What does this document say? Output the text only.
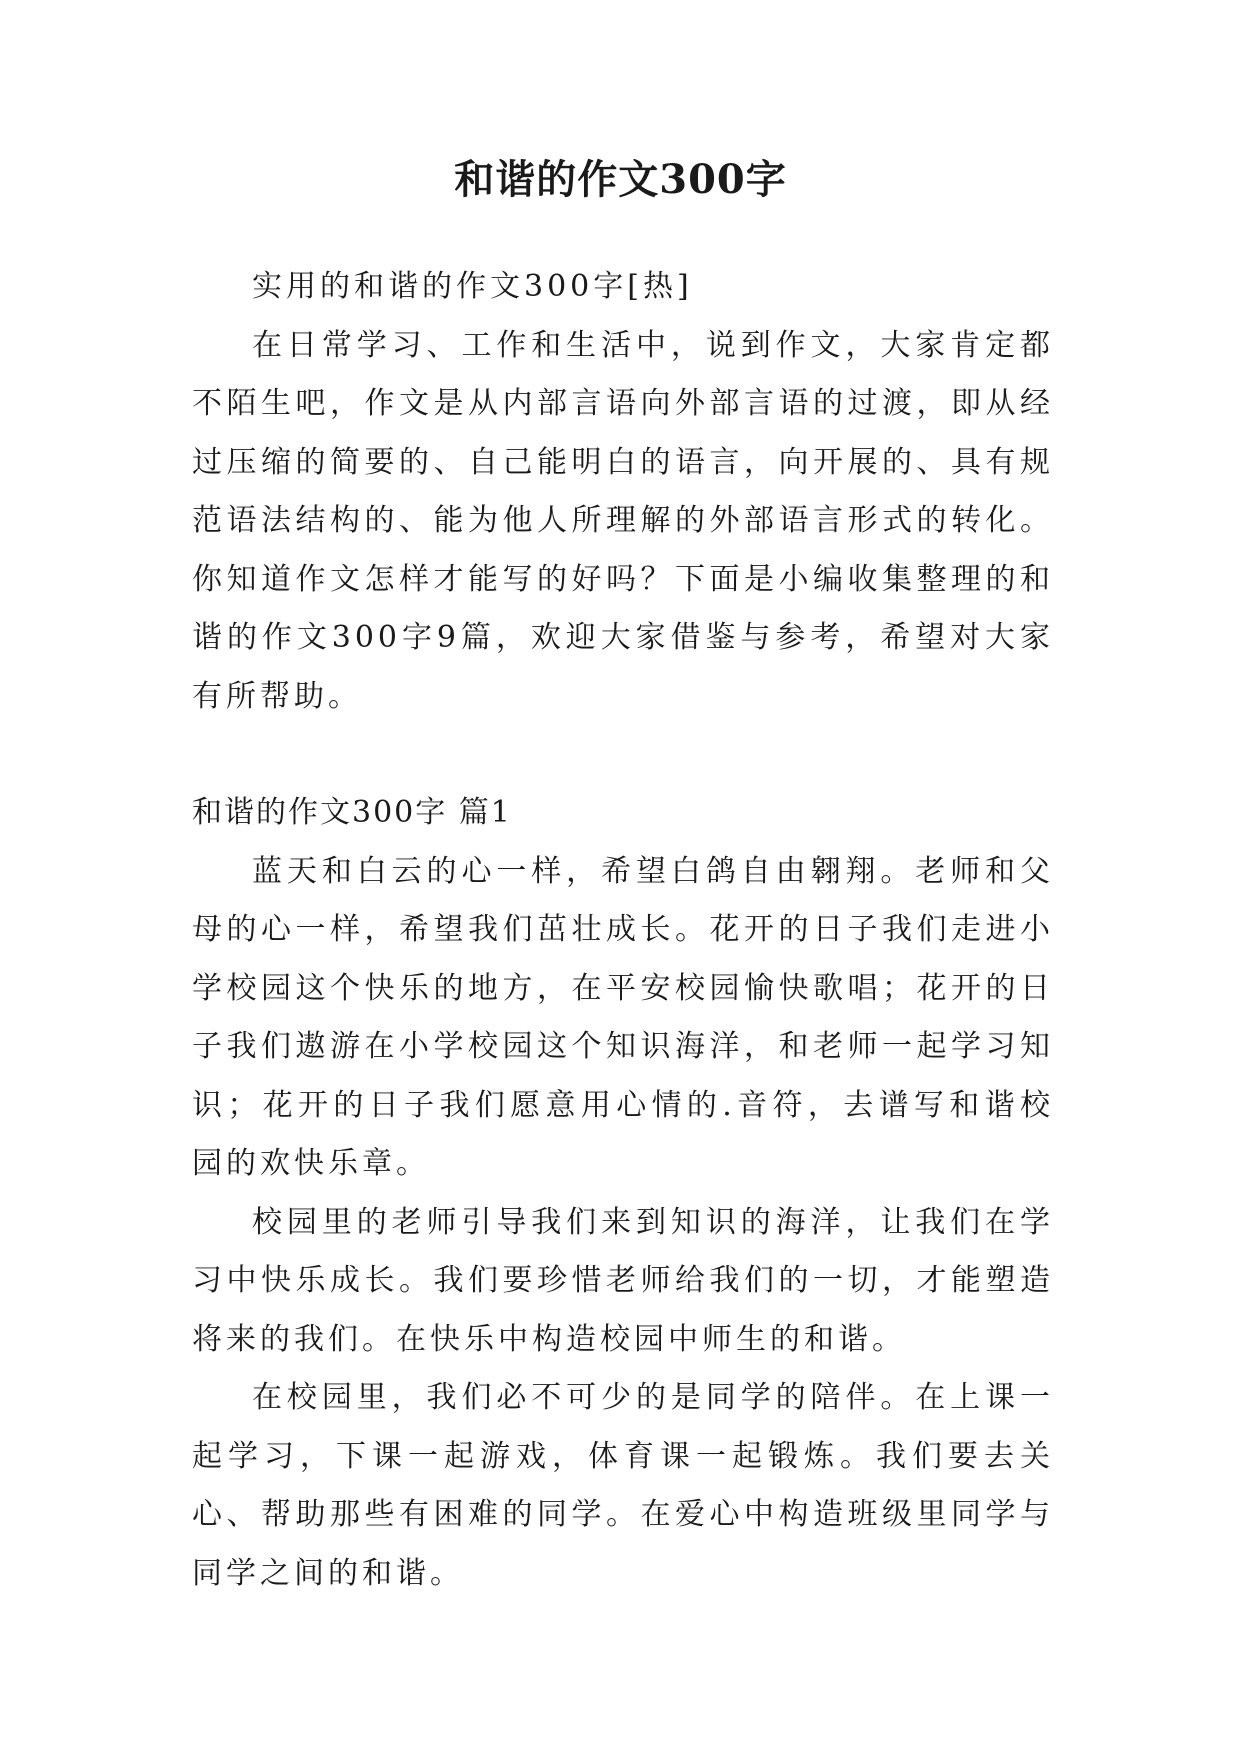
和谐的作文300字

实用的和谐的作文300字[热]

在日常学习、工作和生活中，说到作文，大家肯定都不陌生吧，作文是从内部言语向外部言语的过渡，即从经过压缩的简要的、自己能明白的语言，向开展的、具有规范语法结构的、能为他人所理解的外部语言形式的转化。你知道作文怎样才能写的好吗？下面是小编收集整理的和谐的作文300字9篇，欢迎大家借鉴与参考，希望对大家有所帮助。

和谐的作文300字 篇1

蓝天和白云的心一样，希望白鸽自由翱翔。老师和父母的心一样，希望我们茁壮成长。花开的日子我们走进小学校园这个快乐的地方，在平安校园愉快歌唱；花开的日子我们遨游在小学校园这个知识海洋，和老师一起学习知识；花开的日子我们愿意用心情的.音符，去谱写和谐校园的欢快乐章。

校园里的老师引导我们来到知识的海洋，让我们在学习中快乐成长。我们要珍惜老师给我们的一切，才能塑造将来的我们。在快乐中构造校园中师生的和谐。

在校园里，我们必不可少的是同学的陪伴。在上课一起学习，下课一起游戏，体育课一起锻炼。我们要去关心、帮助那些有困难的同学。在爱心中构造班级里同学与同学之间的和谐。
